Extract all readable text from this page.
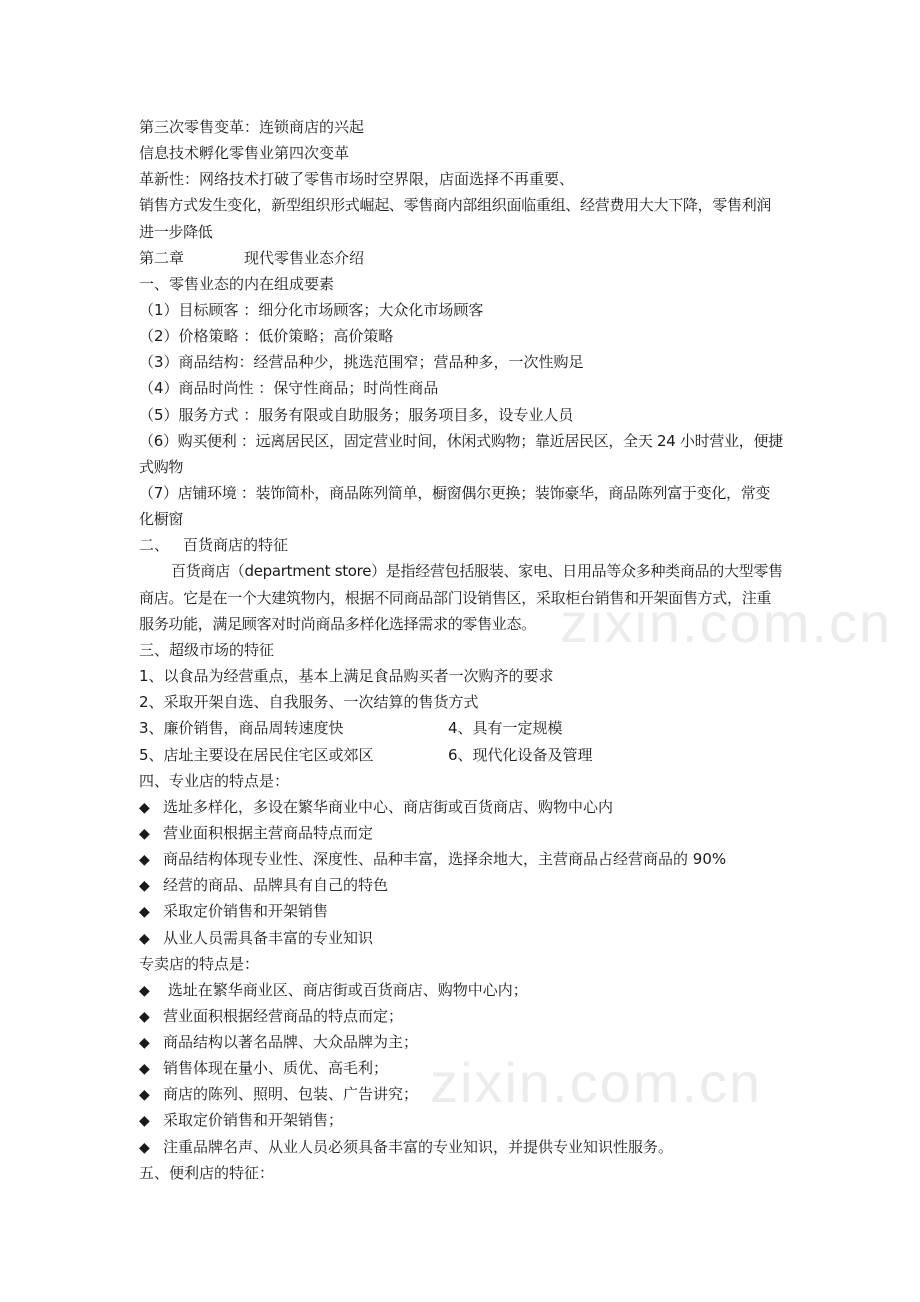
zixin.com.cn
zixin.com.cn
第三次零售变革：连锁商店的兴起
信息技术孵化零售业第四次变革
革新性：网络技术打破了零售市场时空界限，店面选择不再重要、
销售方式发生变化，新型组织形式崛起、零售商内部组织面临重组、经营费用大大下降，零售利润进一步降低
第二章	现代零售业态介绍
一、零售业态的内在组成要素
（1）目标顾客 ：细分化市场顾客；大众化市场顾客
（2）价格策略 ：低价策略；高价策略
（3）商品结构：经营品种少，挑选范围窄；营品种多，一次性购足
（4）商品时尚性 ：保守性商品；时尚性商品
（5）服务方式 ：服务有限或自助服务；服务项目多，设专业人员
（6）购买便利 ：远离居民区，固定营业时间，休闲式购物；靠近居民区，全天 24 小时营业，便捷式购物
（7）店铺环境 ：装饰简朴，商品陈列简单，橱窗偶尔更换；装饰豪华，商品陈列富于变化，常变化橱窗
二、 百货商店的特征
百货商店（department store）是指经营包括服装、家电、日用品等众多种类商品的大型零售商店。它是在一个大建筑物内，根据不同商品部门设销售区，采取柜台销售和开架面售方式，注重服务功能，满足顾客对时尚商品多样化选择需求的零售业态。
三、超级市场的特征
1、以食品为经营重点，基本上满足食品购买者一次购齐的要求
2、采取开架自选、自我服务、一次结算的售货方式
3、廉价销售，商品周转速度快	4、具有一定规模
5、店址主要设在居民住宅区或郊区	6、现代化设备及管理
四、专业店的特点是：
◆ 选址多样化，多设在繁华商业中心、商店街或百货商店、购物中心内
◆ 营业面积根据主营商品特点而定
◆ 商品结构体现专业性、深度性、品种丰富，选择余地大，主营商品占经营商品的 90%
◆ 经营的商品、品牌具有自己的特色
◆ 采取定价销售和开架销售
◆ 从业人员需具备丰富的专业知识
专卖店的特点是：
◆ 选址在繁华商业区、商店街或百货商店、购物中心内；
◆ 营业面积根据经营商品的特点而定；
◆ 商品结构以著名品牌、大众品牌为主；
◆ 销售体现在量小、质优、高毛利；
◆ 商店的陈列、照明、包装、广告讲究；
◆ 采取定价销售和开架销售；
◆ 注重品牌名声、从业人员必须具备丰富的专业知识，并提供专业知识性服务。
五、便利店的特征：
